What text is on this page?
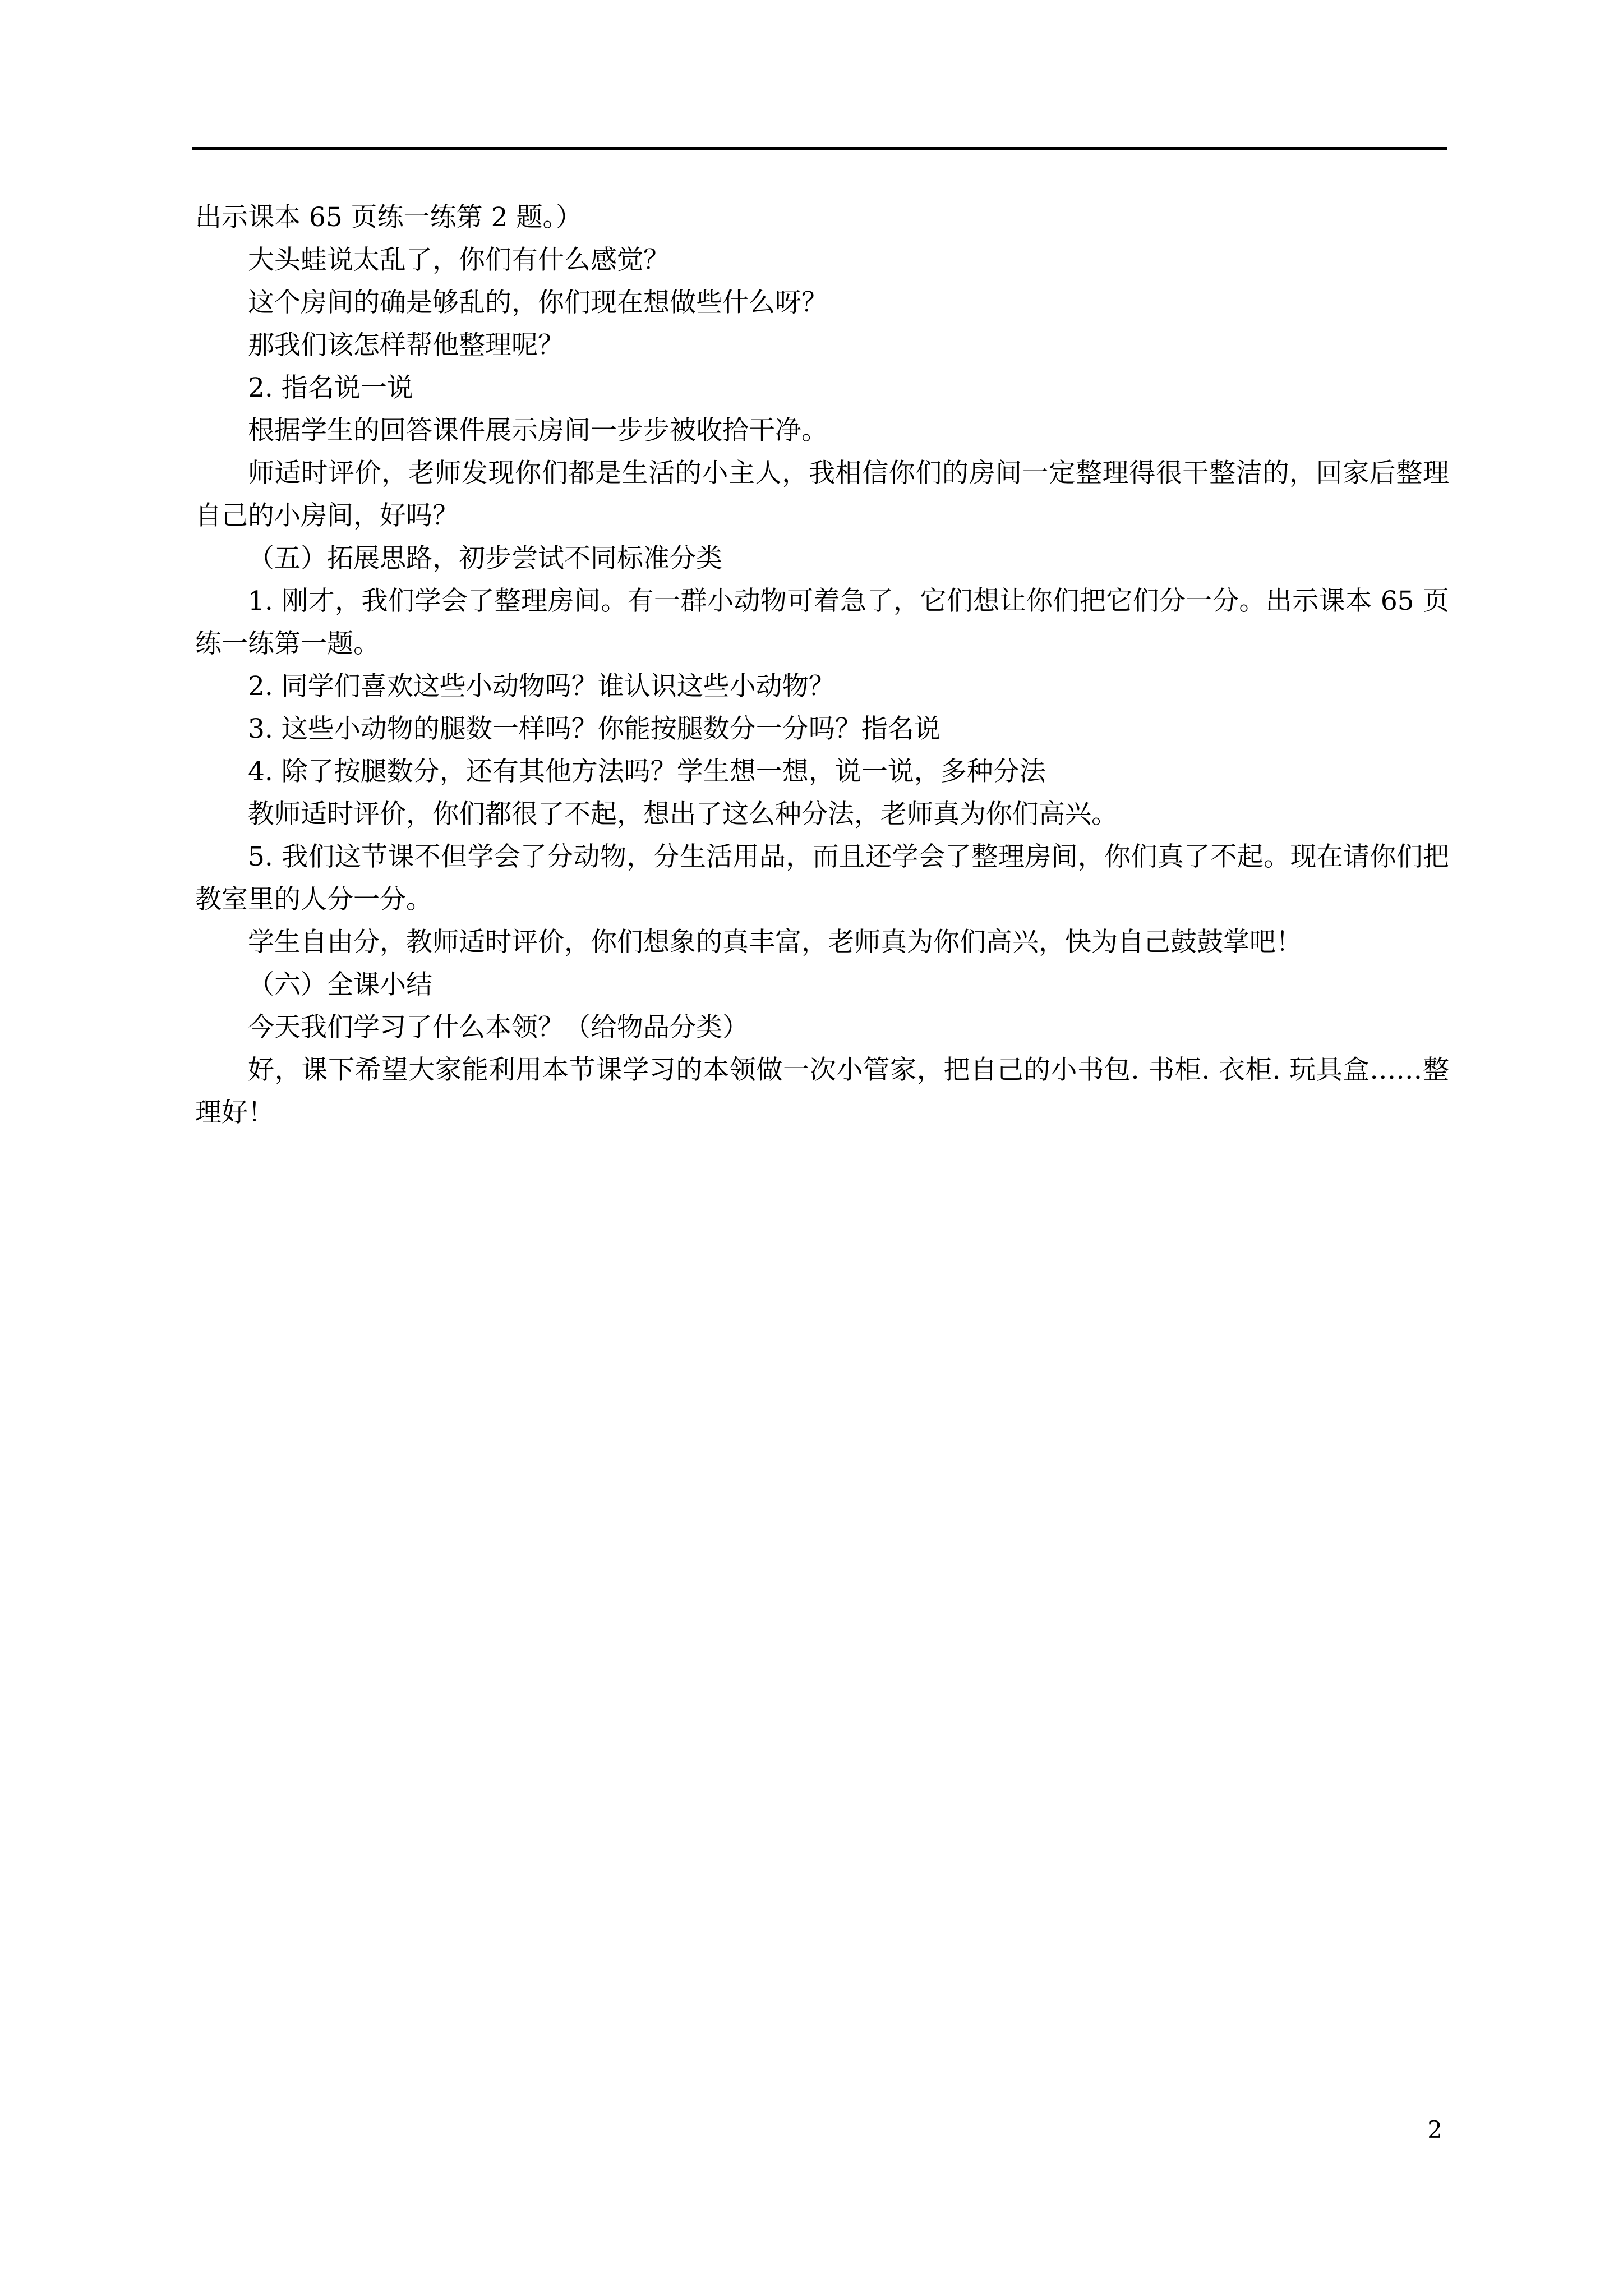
出示课本 65 页练一练第 2 题。）

大头蛙说太乱了，你们有什么感觉？

这个房间的确是够乱的，你们现在想做些什么呀？

那我们该怎样帮他整理呢？

2. 指名说一说

根据学生的回答课件展示房间一步步被收拾干净。

师适时评价，老师发现你们都是生活的小主人，我相信你们的房间一定整理得很干整洁的，回家后整理自己的小房间，好吗？

（五）拓展思路，初步尝试不同标准分类

1. 刚才，我们学会了整理房间。有一群小动物可着急了，它们想让你们把它们分一分。出示课本 65 页练一练第一题。

2. 同学们喜欢这些小动物吗？谁认识这些小动物？

3. 这些小动物的腿数一样吗？你能按腿数分一分吗？指名说

4. 除了按腿数分，还有其他方法吗？学生想一想，说一说，多种分法

教师适时评价，你们都很了不起，想出了这么种分法，老师真为你们高兴。

5. 我们这节课不但学会了分动物，分生活用品，而且还学会了整理房间，你们真了不起。现在请你们把教室里的人分一分。

学生自由分，教师适时评价，你们想象的真丰富，老师真为你们高兴，快为自己鼓鼓掌吧！

（六）全课小结

今天我们学习了什么本领？（给物品分类）

好，课下希望大家能利用本节课学习的本领做一次小管家，把自己的小书包. 书柜. 衣柜. 玩具盒……整理好！

2
